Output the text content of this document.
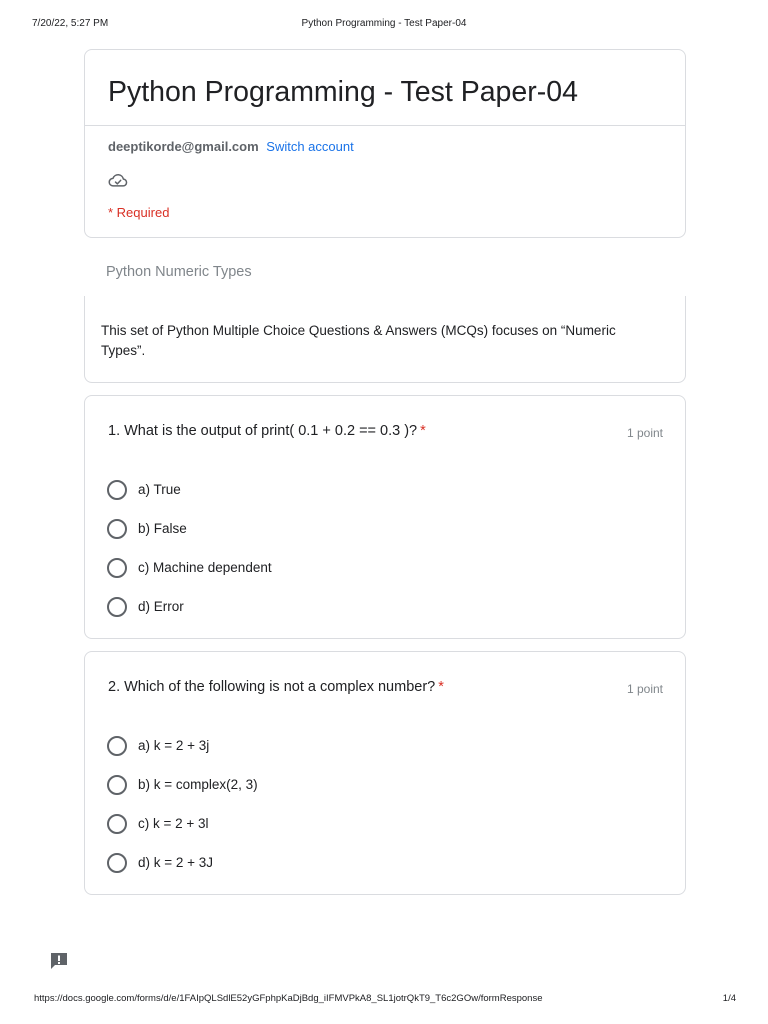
7/20/22, 5:27 PM	Python Programming - Test Paper-04
Python Programming - Test Paper-04
deeptikorde@gmail.com Switch account
* Required
Python Numeric Types
This set of Python Multiple Choice Questions & Answers (MCQs) focuses on “Numeric Types”.
1. What is the output of print( 0.1 + 0.2 == 0.3 )? *	1 point
a) True
b) False
c) Machine dependent
d) Error
2. Which of the following is not a complex number? *	1 point
a) k = 2 + 3j
b) k = complex(2, 3)
c) k = 2 + 3l
d) k = 2 + 3J
https://docs.google.com/forms/d/e/1FAIpQLSdlE52yGFphpKaDjBdg_iIFMVPkA8_SL1jotrQkT9_T6c2GOw/formResponse	1/4
